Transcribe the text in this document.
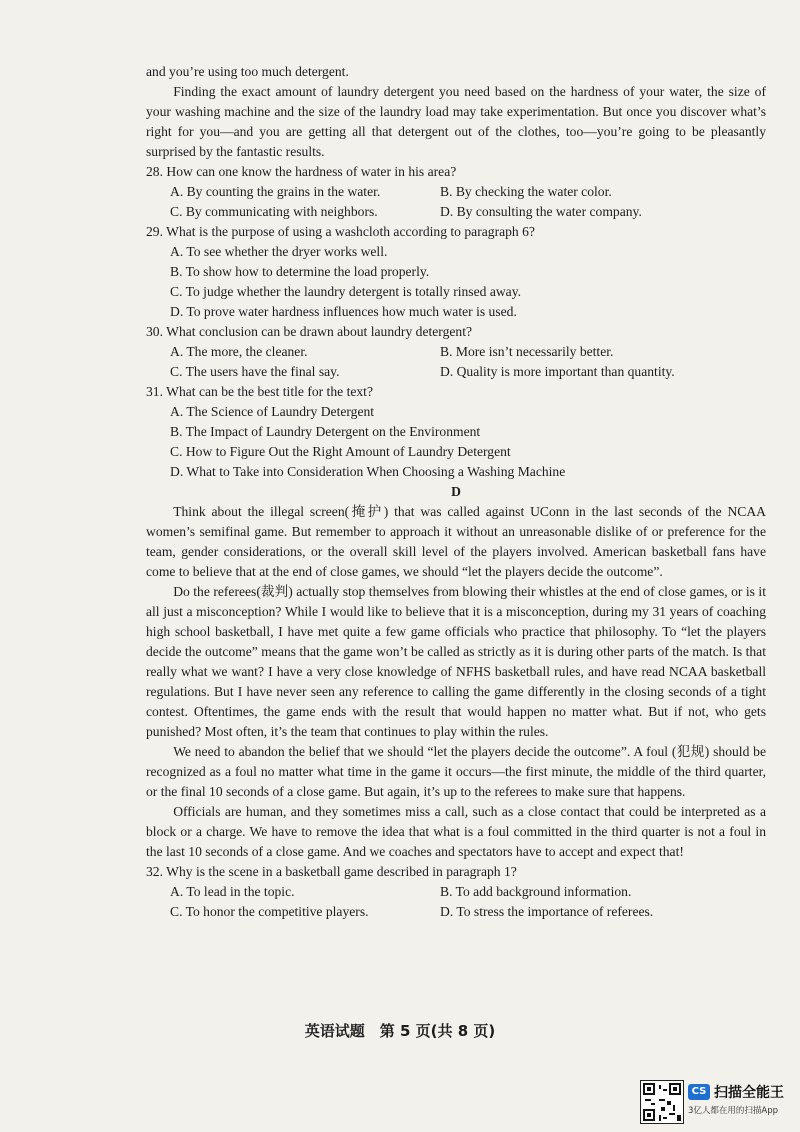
and you’re using too much detergent.

Finding the exact amount of laundry detergent you need based on the hardness of your water, the size of your washing machine and the size of the laundry load may take experimentation. But once you discover what’s right for you—and you are getting all that detergent out of the clothes, too—you’re going to be pleasantly surprised by the fantastic results.

28. How can one know the hardness of water in his area?

A. By counting the grains in the water.	B. By checking the water color.
C. By communicating with neighbors.	D. By consulting the water company.

29. What is the purpose of using a washcloth according to paragraph 6?

A. To see whether the dryer works well.
B. To show how to determine the load properly.
C. To judge whether the laundry detergent is totally rinsed away.
D. To prove water hardness influences how much water is used.

30. What conclusion can be drawn about laundry detergent?

A. The more, the cleaner.	B. More isn’t necessarily better.
C. The users have the final say.	D. Quality is more important than quantity.

31. What can be the best title for the text?

A. The Science of Laundry Detergent
B. The Impact of Laundry Detergent on the Environment
C. How to Figure Out the Right Amount of Laundry Detergent
D. What to Take into Consideration When Choosing a Washing Machine

D

Think about the illegal screen(掩护) that was called against UConn in the last seconds of the NCAA women’s semifinal game. But remember to approach it without an unreasonable dislike of or preference for the team, gender considerations, or the overall skill level of the players involved. American basketball fans have come to believe that at the end of close games, we should “let the players decide the outcome”.

Do the referees(裁判) actually stop themselves from blowing their whistles at the end of close games, or is it all just a misconception? While I would like to believe that it is a misconception, during my 31 years of coaching high school basketball, I have met quite a few game officials who practice that philosophy. To “let the players decide the outcome” means that the game won’t be called as strictly as it is during other parts of the match. Is that really what we want? I have a very close knowledge of NFHS basketball rules, and have read NCAA basketball regulations. But I have never seen any reference to calling the game differently in the closing seconds of a tight contest. Oftentimes, the game ends with the result that would happen no matter what. But if not, who gets punished? Most often, it’s the team that continues to play within the rules.

We need to abandon the belief that we should “let the players decide the outcome”. A foul (犯规) should be recognized as a foul no matter what time in the game it occurs—the first minute, the middle of the third quarter, or the final 10 seconds of a close game. But again, it’s up to the referees to make sure that happens.

Officials are human, and they sometimes miss a call, such as a close contact that could be interpreted as a block or a charge. We have to remove the idea that what is a foul committed in the third quarter is not a foul in the last 10 seconds of a close game. And we coaches and spectators have to accept and expect that!

32. Why is the scene in a basketball game described in paragraph 1?

A. To lead in the topic.	B. To add background information.
C. To honor the competitive players.	D. To stress the importance of referees.
英语试题　第 5 页(共 8 页)
CS 扫描全能王
3亿人都在用的扫描App
